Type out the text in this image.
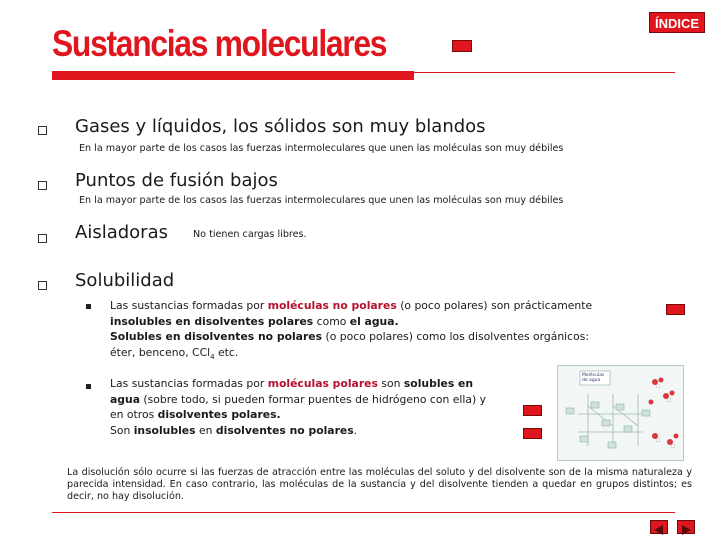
Sustancias moleculares	ÍNDICE
Gases y líquidos, los sólidos son muy blandos
En la mayor parte de los casos las fuerzas intermoleculares que unen las moléculas son muy débiles
Puntos de fusión bajos
En la mayor parte de los casos las fuerzas intermoleculares que unen las moléculas son muy débiles
Aisladoras	No tienen cargas libres.
Solubilidad
Las sustancias formadas por moléculas no polares (o poco polares) son prácticamente
insolubles en disolventes polares como el agua.
Solubles en disolventes no polares (o poco polares) como los disolventes orgánicos:
éter, benceno, CCl$_4$ etc.
Las sustancias formadas por moléculas polares son solubles en
agua (sobre todo, si pueden formar puentes de hidrógeno con ella) y
en otros disolventes polares.
Son insolubles en disolventes no polares.
Moléculas de agua
La disolución sólo ocurre si las fuerzas de atracción entre las moléculas del soluto y del disolvente son de la misma naturaleza y parecida intensidad. En caso contrario, las moléculas de la sustancia y del disolvente tienden a quedar en grupos distintos; es decir, no hay disolución.
